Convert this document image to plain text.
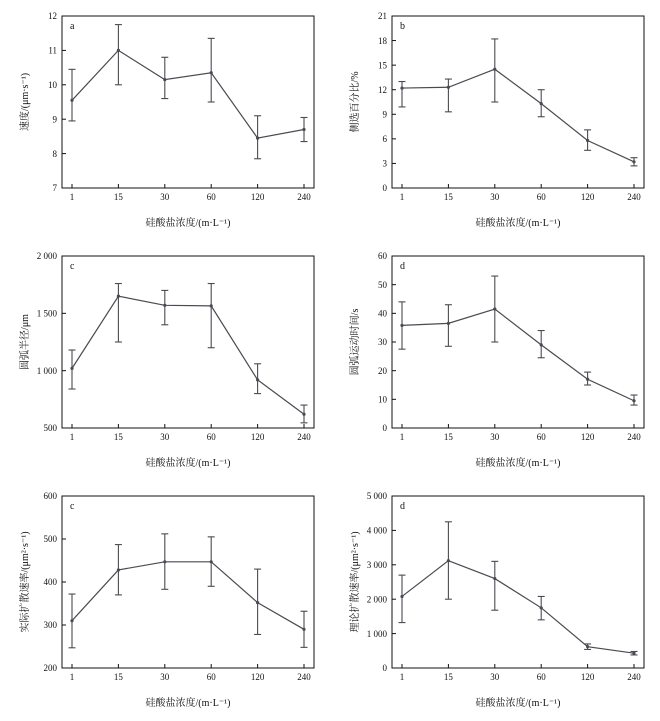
7
8
9
10
11
12
1	15	30	60	120	240
a
硅酸盐浓度/(m·L⁻¹)
速度/(μm·s⁻¹)
0
3
6
9
12
15
18
21
1	15	30	60	120	240
b
硅酸盐浓度/(m·L⁻¹)
侧选百分比/%
500
1 000
1 500
2 000
1	15	30	60	120	240
c
硅酸盐浓度/(m·L⁻¹)
圆弧半径/μm
0
10
20
30
40
50
60
1	15	30	60	120	240
d
硅酸盐浓度/(m·L⁻¹)
圆弧运动时间/s
200
300
400
500
600
1	15	30	60	120	240
c
硅酸盐浓度/(m·L⁻¹)
实际扩散速率/(μm²·s⁻¹)
0
1 000
2 000
3 000
4 000
5 000
1	15	30	60	120	240
d
硅酸盐浓度/(m·L⁻¹)
理论扩散速率/(μm²·s⁻¹)
